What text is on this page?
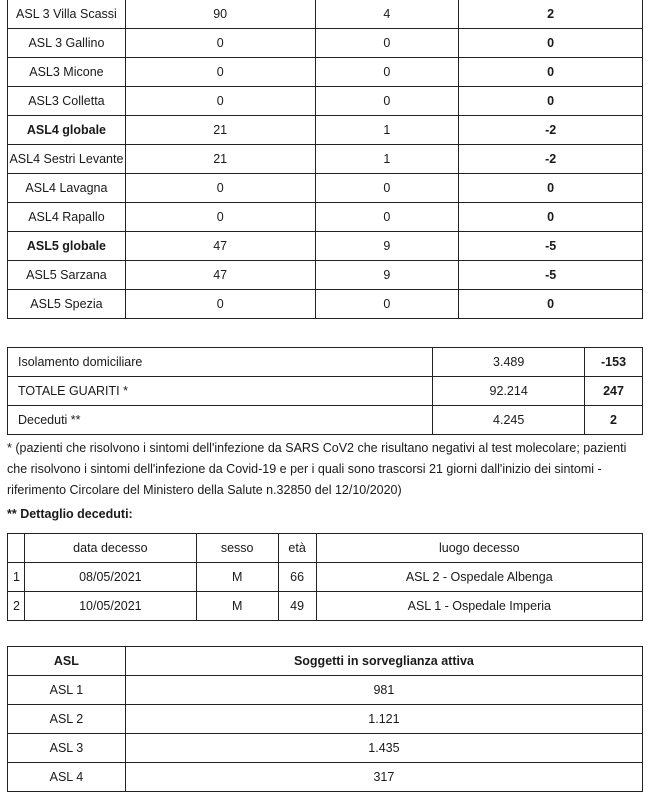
ASL 3 Villa Scassi	90	4	2
ASL 3 Gallino	0	0	0
ASL3 Micone	0	0	0
ASL3 Colletta	0	0	0
ASL4 globale	21	1	-2
ASL4 Sestri Levante	21	1	-2
ASL4 Lavagna	0	0	0
ASL4 Rapallo	0	0	0
ASL5 globale	47	9	-5
ASL5 Sarzana	47	9	-5
ASL5 Spezia	0	0	0
Isolamento domiciliare	3.489	-153
TOTALE GUARITI *	92.214	247
Deceduti **	4.245	2

* (pazienti che risolvono i sintomi dell'infezione da SARS CoV2 che risultano negativi al test molecolare; pazienti che risolvono i sintomi dell'infezione da Covid-19 e per i quali sono trascorsi 21 giorni dall'inizio dei sintomi - riferimento Circolare del Ministero della Salute n.32850 del 12/10/2020)

** Dettaglio deceduti:

	data decesso	sesso	età	luogo decesso
1	08/05/2021	M	66	ASL 2 - Ospedale Albenga
2	10/05/2021	M	49	ASL 1 - Ospedale Imperia
ASL	Soggetti in sorveglianza attiva
ASL 1	981
ASL 2	1.121
ASL 3	1.435
ASL 4	317
